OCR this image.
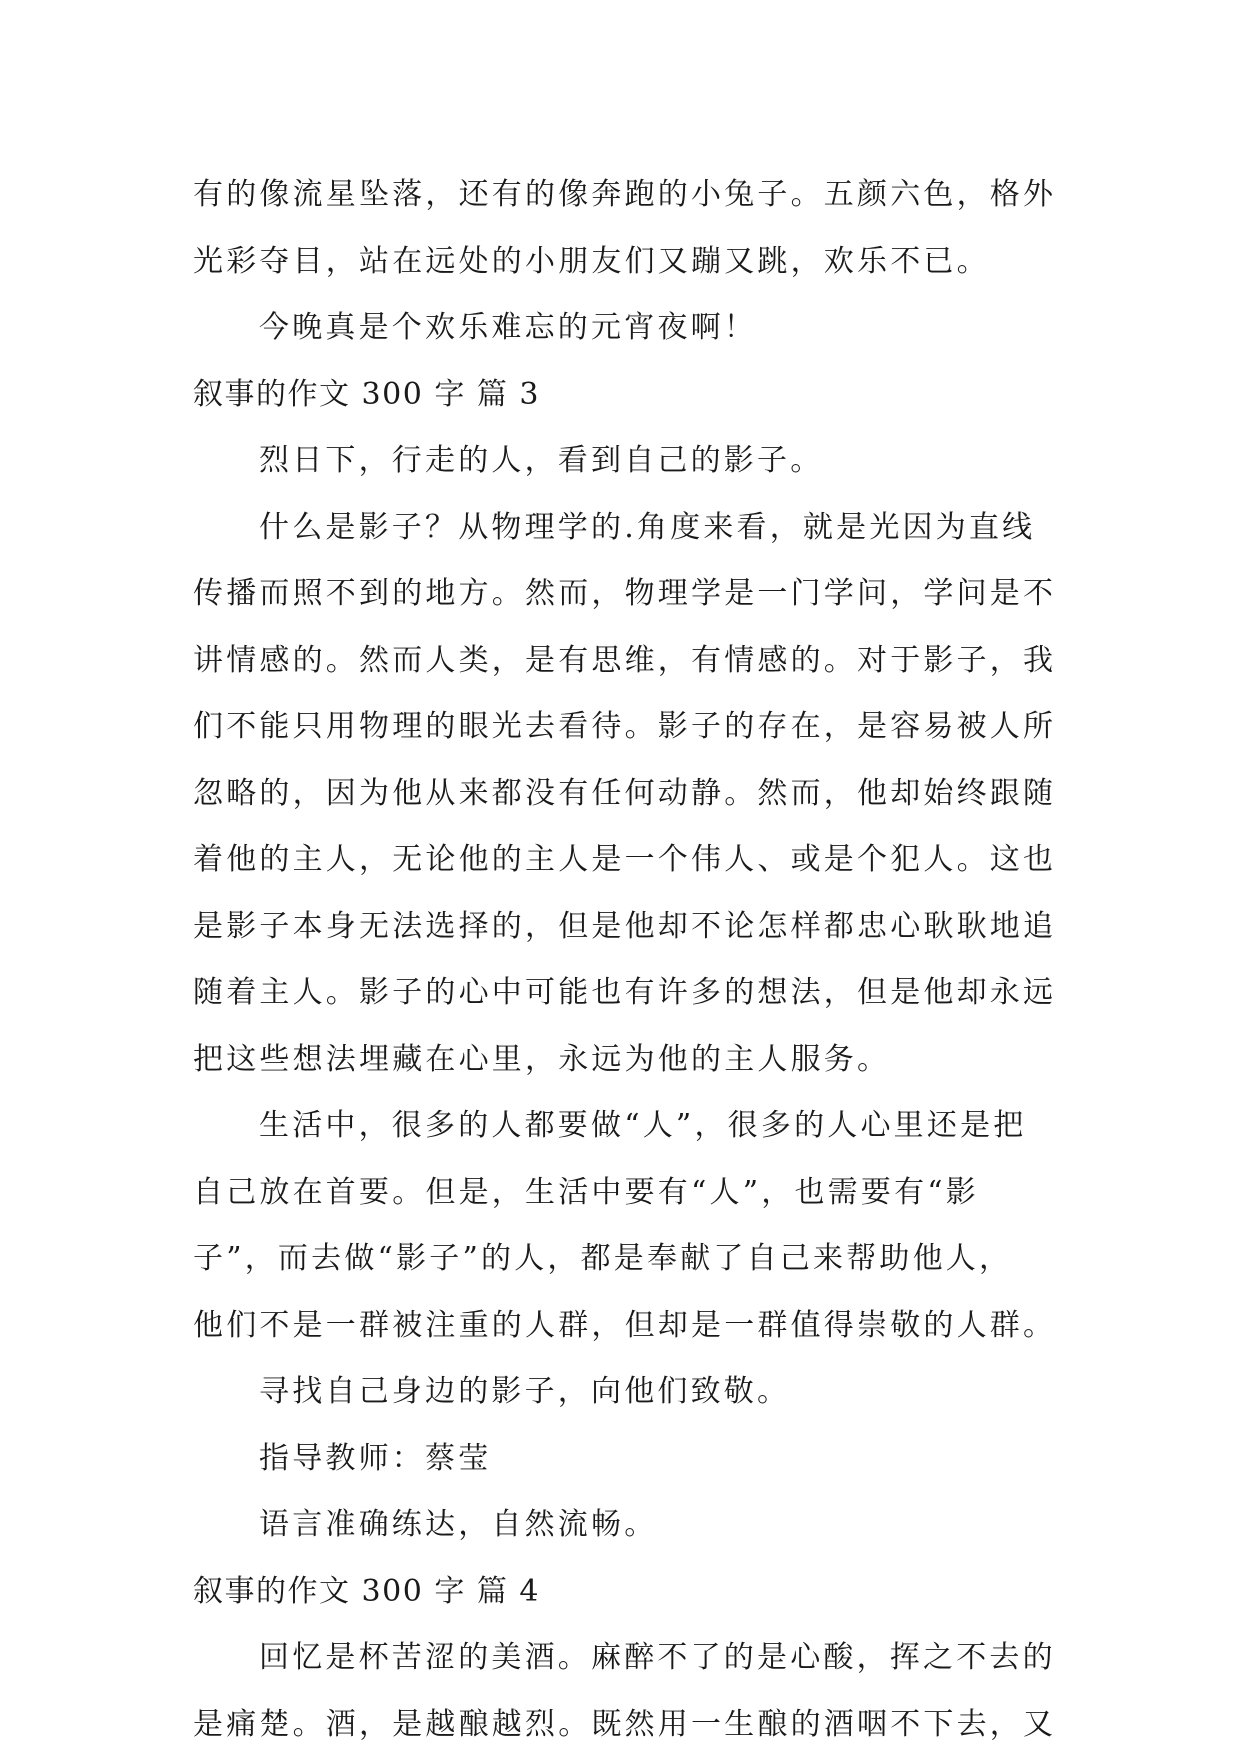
有的像流星坠落，还有的像奔跑的小兔子。五颜六色，格外
光彩夺目，站在远处的小朋友们又蹦又跳，欢乐不已。
今晚真是个欢乐难忘的元宵夜啊！
叙事的作文 300 字 篇 3
烈日下，行走的人，看到自己的影子。
什么是影子？从物理学的.角度来看，就是光因为直线
传播而照不到的地方。然而，物理学是一门学问，学问是不
讲情感的。然而人类，是有思维，有情感的。对于影子，我
们不能只用物理的眼光去看待。影子的存在，是容易被人所
忽略的，因为他从来都没有任何动静。然而，他却始终跟随
着他的主人，无论他的主人是一个伟人、或是个犯人。这也
是影子本身无法选择的，但是他却不论怎样都忠心耿耿地追
随着主人。影子的心中可能也有许多的想法，但是他却永远
把这些想法埋藏在心里，永远为他的主人服务。
生活中，很多的人都要做“人”，很多的人心里还是把
自己放在首要。但是，生活中要有“人”，也需要有“影
子”，而去做“影子”的人，都是奉献了自己来帮助他人，
他们不是一群被注重的人群，但却是一群值得崇敬的人群。
寻找自己身边的影子，向他们致敬。
指导教师：蔡莹
语言准确练达，自然流畅。
叙事的作文 300 字 篇 4
回忆是杯苦涩的美酒。麻醉不了的是心酸，挥之不去的
是痛楚。酒，是越酿越烈。既然用一生酿的酒咽不下去，又
